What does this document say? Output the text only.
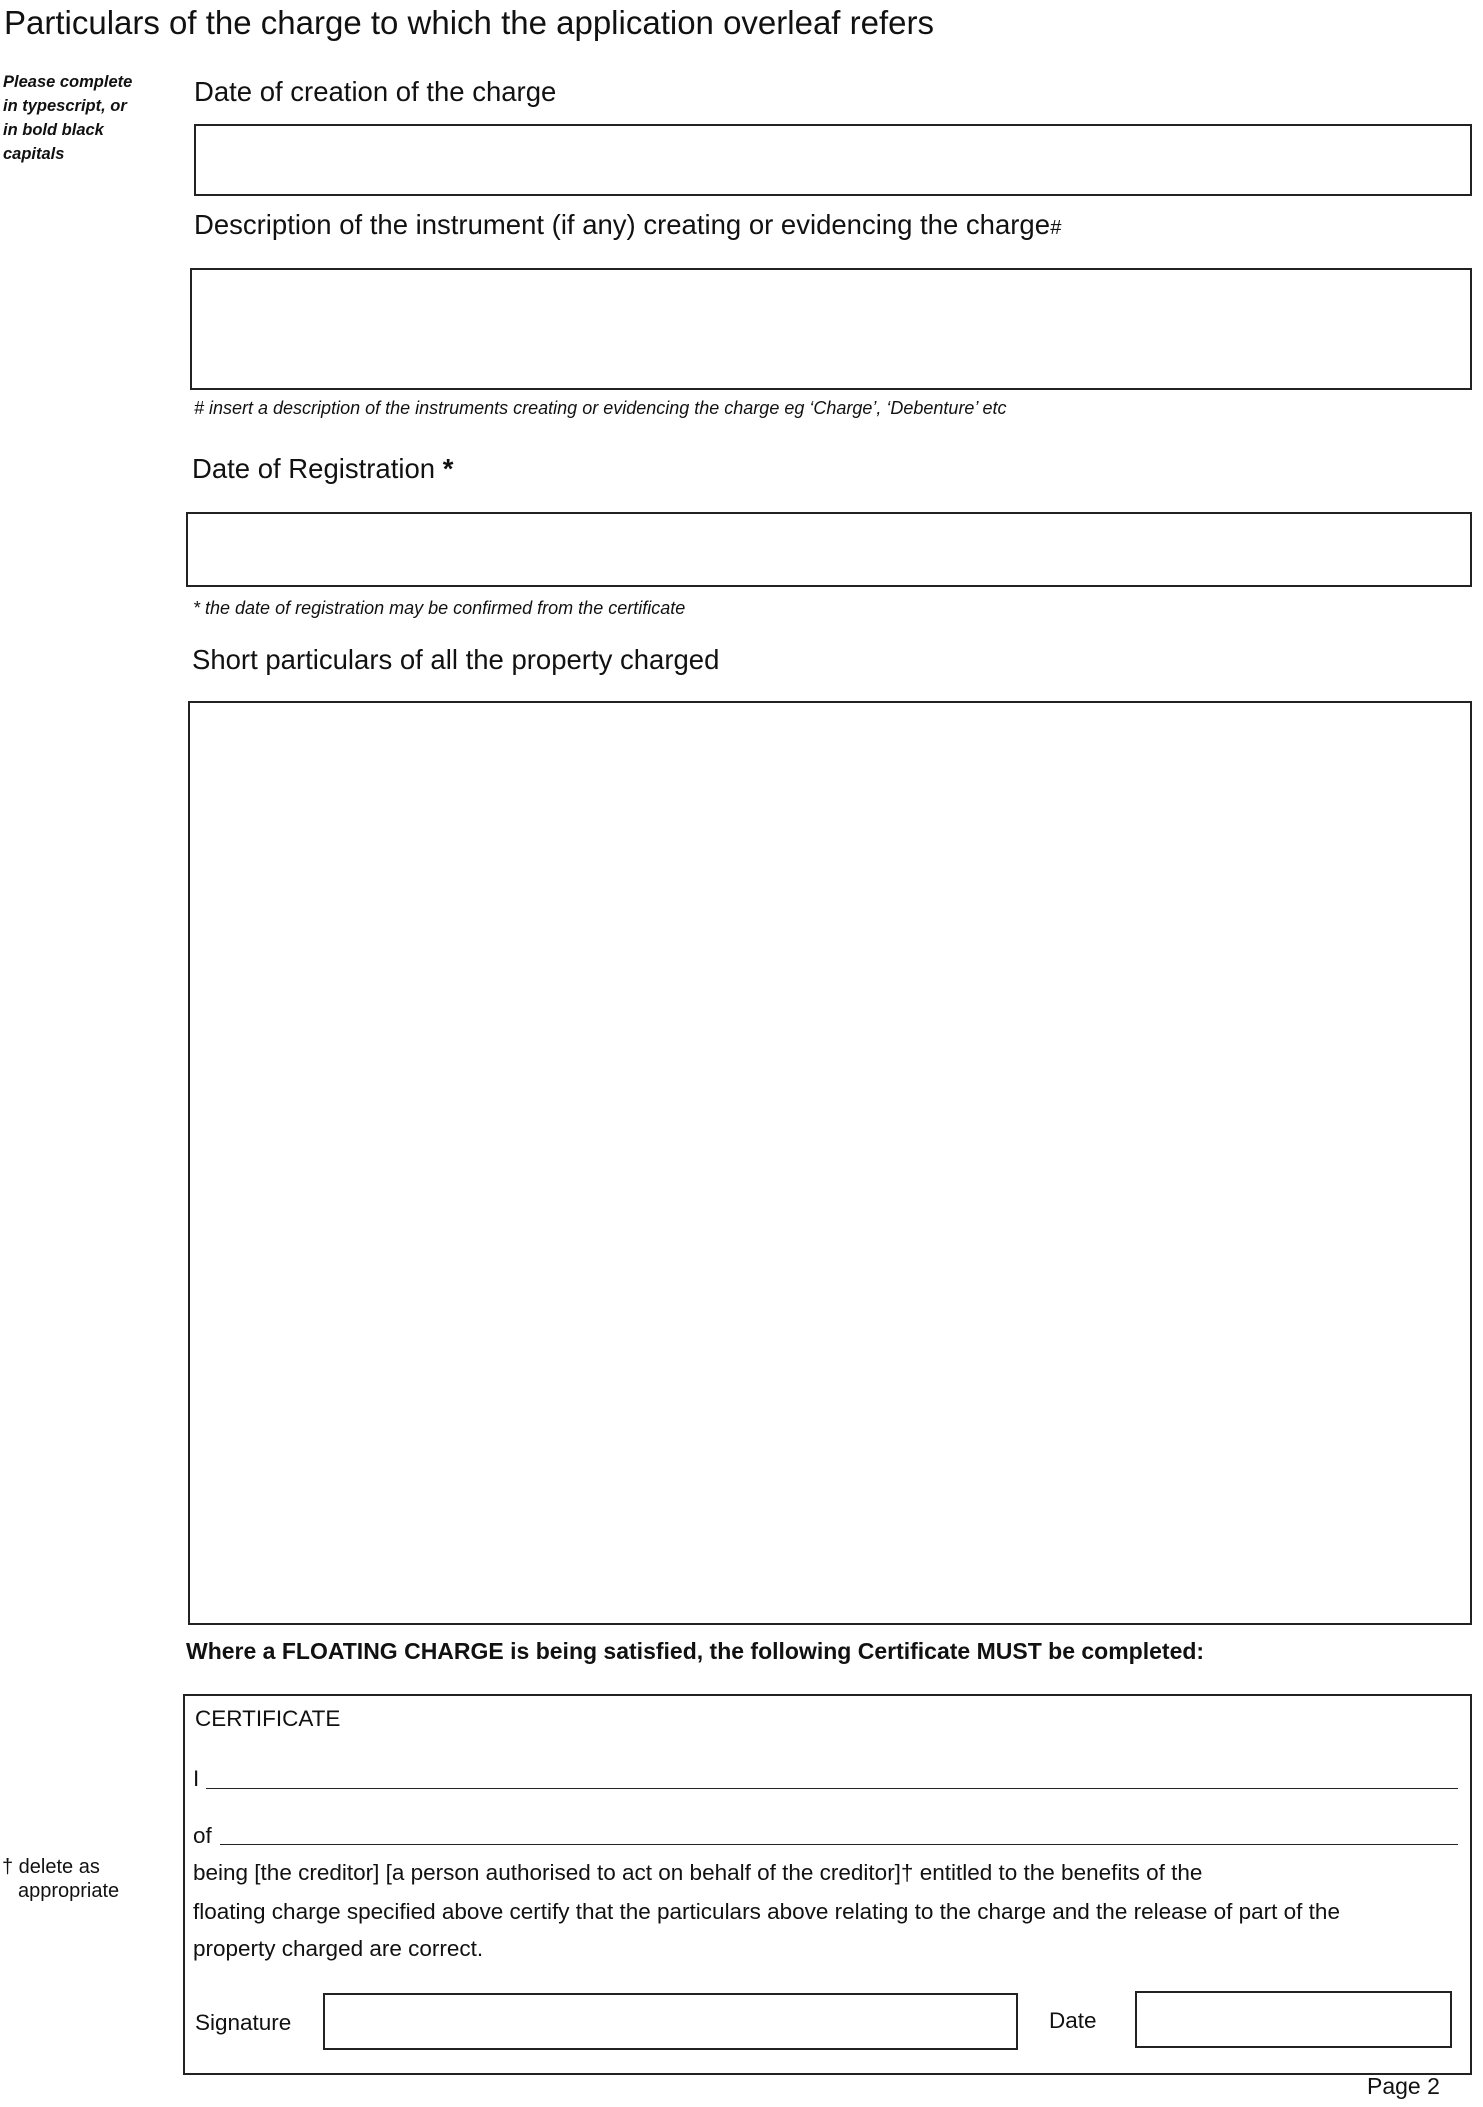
Particulars of the charge to which the application overleaf refers
Please complete
in typescript, or
in bold black
capitals
Date of creation of the charge
Description of the instrument (if any) creating or evidencing the charge#
# insert a description of the instruments creating or evidencing the charge eg ‘Charge’, ‘Debenture’ etc
Date of Registration *
* the date of registration may be confirmed from the certificate
Short particulars of all the property charged
Where a FLOATING CHARGE is being satisfied, the following Certificate MUST be completed:
CERTIFICATE
I
of
being [the creditor] [a person authorised to act on behalf of the creditor]† entitled to the benefits of the
floating charge specified above certify that the particulars above relating to the charge and the release of part of the
property charged are correct.
Signature	Date
† delete as
appropriate
Page 2
